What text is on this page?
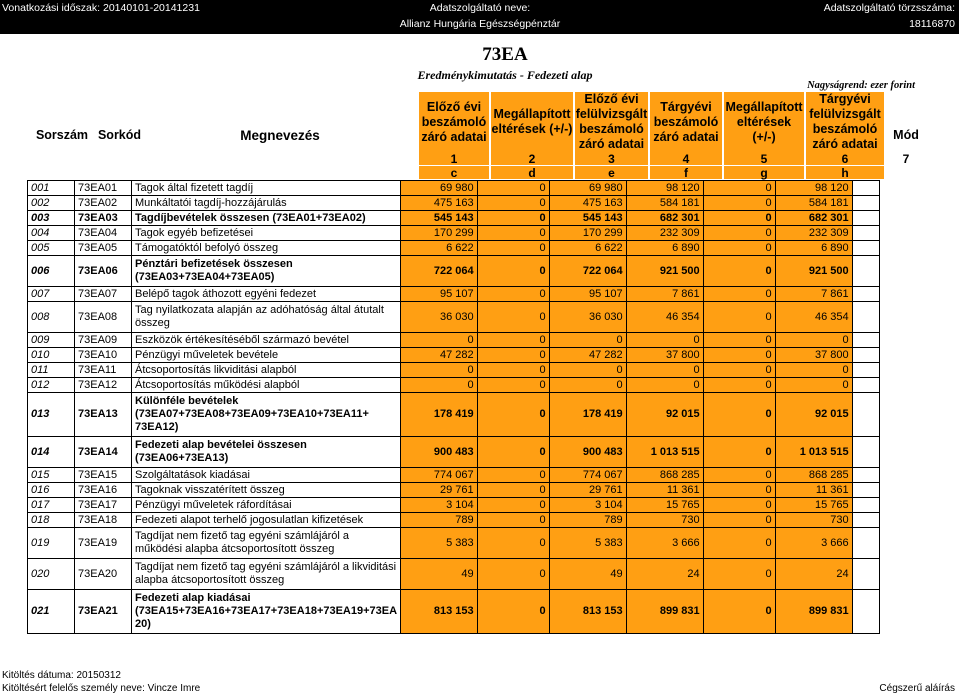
Vonatkozási időszak: 20140101-20141231	Adatszolgáltató neve:
Allianz Hungária Egészségpénztár
Adatszolgáltató törzsszáma:
18116870
73EA
Eredménykimutatás - Fedezeti alap
Nagyságrend: ezer forint
Sorszám Sorkód	Megnevezés
Előző évi beszámoló záró adatai
Megállapított eltérések (+/-)
Előző évi felülvizsgált beszámoló záró adatai
Tárgyévi beszámoló záró adatai
Megállapított eltérések (+/-)
Tárgyévi felülvizsgált beszámoló záró adatai
Mód
1	2	3	4	5	6	7
c	d	e	f	g	h
001	73EA01	Tagok által fizetett tagdíj	69 980	0	69 980	98 120	0	98 120	
002	73EA02	Munkáltatói tagdíj-hozzájárulás	475 163	0	475 163	584 181	0	584 181	
003	73EA03	Tagdíjbevételek összesen (73EA01+73EA02)	545 143	0	545 143	682 301	0	682 301	
004	73EA04	Tagok egyéb befizetései	170 299	0	170 299	232 309	0	232 309	
005	73EA05	Támogatóktól befolyó összeg	6 622	0	6 622	6 890	0	6 890	
006	73EA06	Pénztári befizetések összesen (73EA03+73EA04+73EA05)	722 064	0	722 064	921 500	0	921 500	
007	73EA07	Belépő tagok áthozott egyéni fedezet	95 107	0	95 107	7 861	0	7 861	
008	73EA08	Tag nyilatkozata alapján az adóhatóság által átutalt összeg	36 030	0	36 030	46 354	0	46 354	
009	73EA09	Eszközök értékesítéséből származó bevétel	0	0	0	0	0	0	
010	73EA10	Pénzügyi műveletek bevétele	47 282	0	47 282	37 800	0	37 800	
011	73EA11	Átcsoportosítás likviditási alapból	0	0	0	0	0	0	
012	73EA12	Átcsoportosítás működési alapból	0	0	0	0	0	0	
013	73EA13	Különféle bevételek (73EA07+73EA08+73EA09+73EA10+73EA11+ 73EA12)	178 419	0	178 419	92 015	0	92 015	
014	73EA14	Fedezeti alap bevételei összesen (73EA06+73EA13)	900 483	0	900 483	1 013 515	0	1 013 515	
015	73EA15	Szolgáltatások kiadásai	774 067	0	774 067	868 285	0	868 285	
016	73EA16	Tagoknak visszatérített összeg	29 761	0	29 761	11 361	0	11 361	
017	73EA17	Pénzügyi műveletek ráfordításai	3 104	0	3 104	15 765	0	15 765	
018	73EA18	Fedezeti alapot terhelő jogosulatlan kifizetések	789	0	789	730	0	730	
019	73EA19	Tagdíjat nem fizető tag egyéni számlájáról a működési alapba átcsoportosított összeg	5 383	0	5 383	3 666	0	3 666	
020	73EA20	Tagdíjat nem fizető tag egyéni számlájáról a likviditási alapba átcsoportosított összeg	49	0	49	24	0	24	
021	73EA21	Fedezeti alap kiadásai (73EA15+73EA16+73EA17+73EA18+73EA19+73EA 20)	813 153	0	813 153	899 831	0	899 831	
Kitöltés dátuma: 20150312
Kitöltésért felelős személy neve: Vincze Imre	Cégszerű aláírás
